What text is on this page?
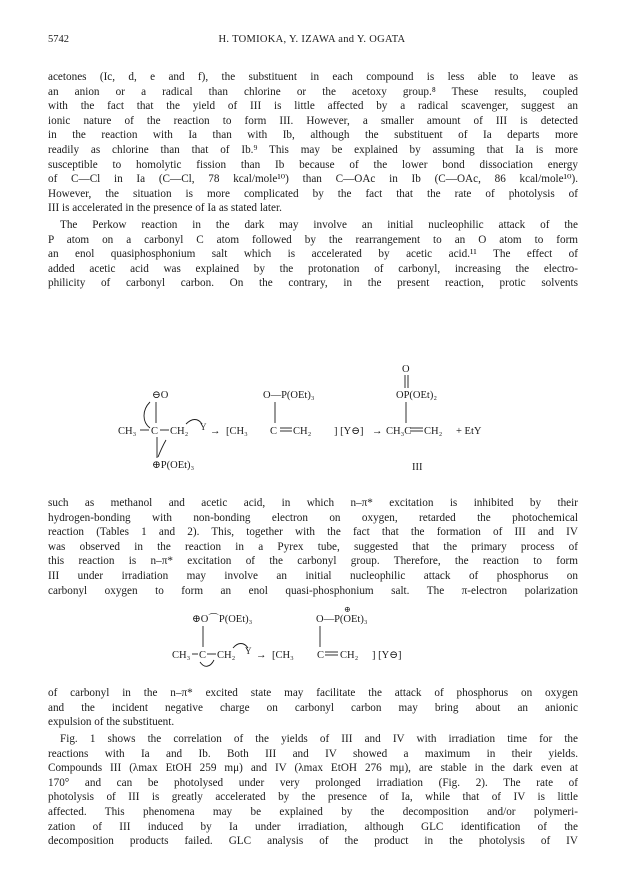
5742	H. TOMIOKA, Y. IZAWA and Y. OGATA
acetones (Ic, d, e and f), the substituent in each compound is less able to leave as
an anion or a radical than chlorine or the acetoxy group.⁸ These results, coupled
with the fact that the yield of III is little affected by a radical scavenger, suggest an
ionic nature of the reaction to form III. However, a smaller amount of III is detected
in the reaction with Ia than with Ib, although the substituent of Ia departs more
readily as chlorine than that of Ib.⁹ This may be explained by assuming that Ia is more
susceptible to homolytic fission than Ib because of the lower bond dissociation energy
of C—Cl in Ia (C—Cl, 78 kcal/mole¹⁰) than C—OAc in Ib (C—OAc, 86 kcal/mole¹⁰).
However, the situation is more complicated by the fact that the rate of photolysis of
III is accelerated in the presence of Ia as stated later.
The Perkow reaction in the dark may involve an initial nucleophilic attack of the
P atom on a carbonyl C atom followed by the rearrangement to an O atom to form
an enol quasiphosphonium salt which is accelerated by acetic acid.¹¹ The effect of
added acetic acid was explained by the protonation of carbonyl, increasing the electro-
philicity of carbonyl carbon. On the contrary, in the present reaction, protic solvents
⊖O
CH₃ C CH₂ Y → [CH₃ C CH₂
O—P(OEt)₃
] [Y⊖] → CH₃C CH₂ + EtY
O
OP(OEt)₂
⊕P(OEt)₃	III
such as methanol and acetic acid, in which n–π* excitation is inhibited by their
hydrogen-bonding with non-bonding electron on oxygen, retarded the photochemical
reaction (Tables 1 and 2). This, together with the fact that the formation of III and IV
was observed in the reaction in a Pyrex tube, suggested that the primary process of
this reaction is n–π* excitation of the carbonyl group. Therefore, the reaction to form
III under irradiation may involve an initial nucleophilic attack of phosphorus on
carbonyl oxygen to form an enol quasi-phosphonium salt. The π-electron polarization
⊕
⊕O⌒P(OEt)₃	O—P(OEt)₃
CH₃ C CH₂ Y → [CH₃ C CH₂ ] [Y⊖]
of carbonyl in the n–π* excited state may facilitate the attack of phosphorus on oxygen
and the incident negative charge on carbonyl carbon may bring about an anionic
expulsion of the substituent.
Fig. 1 shows the correlation of the yields of III and IV with irradiation time for the
reactions with Ia and Ib. Both III and IV showed a maximum in their yields.
Compounds III (λmax EtOH 259 mμ) and IV (λmax EtOH 276 mμ), are stable in the dark even at
170° and can be photolysed under very prolonged irradiation (Fig. 2). The rate of
photolysis of III is greatly accelerated by the presence of Ia, while that of IV is little
affected. This phenomena may be explained by the decomposition and/or polymeri-
zation of III induced by Ia under irradiation, although GLC identification of the
decomposition products failed. GLC analysis of the product in the photolysis of IV
